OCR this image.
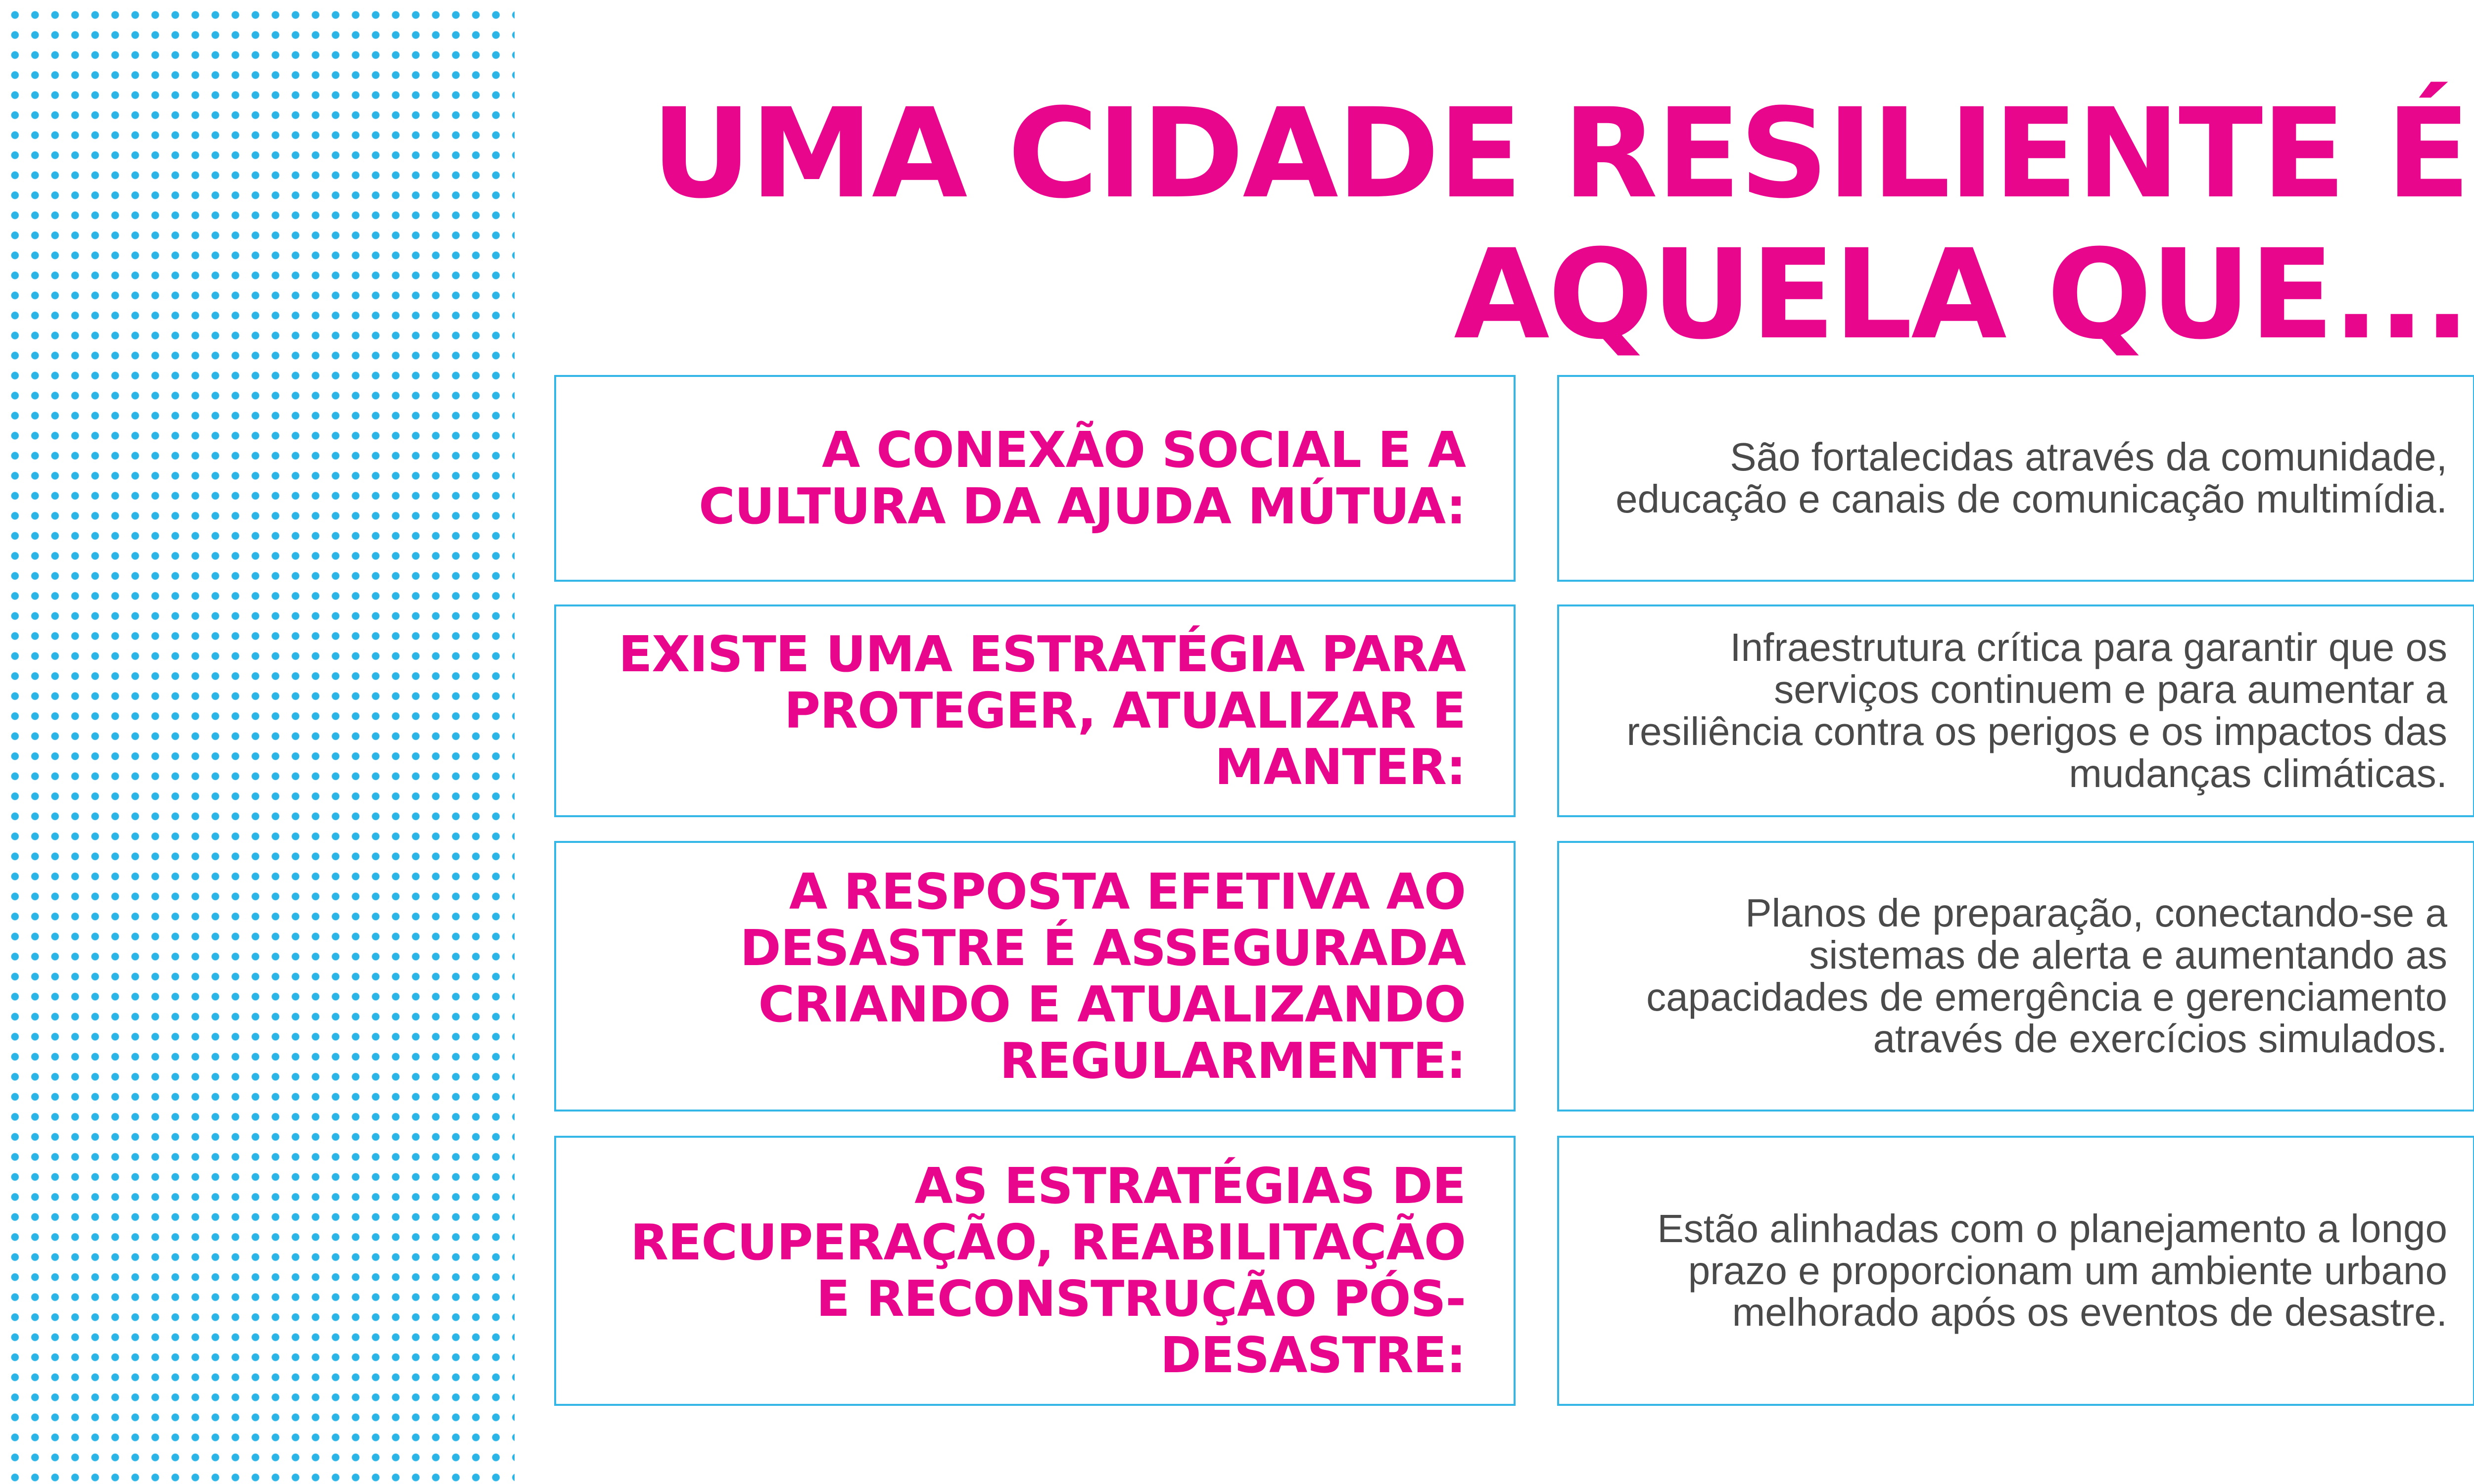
UMA CIDADE RESILIENTE É AQUELA QUE...
A CONEXÃO SOCIAL E A CULTURA DA AJUDA MÚTUA:
São fortalecidas através da comunidade, educação e canais de comunicação multimídia.
EXISTE UMA ESTRATÉGIA PARA PROTEGER, ATUALIZAR E MANTER:
Infraestrutura crítica para garantir que os serviços continuem e para aumentar a resiliência contra os perigos e os impactos das mudanças climáticas.
A RESPOSTA EFETIVA AO DESASTRE É ASSEGURADA CRIANDO E ATUALIZANDO REGULARMENTE:
Planos de preparação, conectando-se a sistemas de alerta e aumentando as capacidades de emergência e gerenciamento através de exercícios simulados.
AS ESTRATÉGIAS DE RECUPERAÇÃO, REABILITAÇÃO E RECONSTRUÇÃO PÓS-DESASTRE:
Estão alinhadas com o planejamento a longo prazo e proporcionam um ambiente urbano melhorado após os eventos de desastre.
